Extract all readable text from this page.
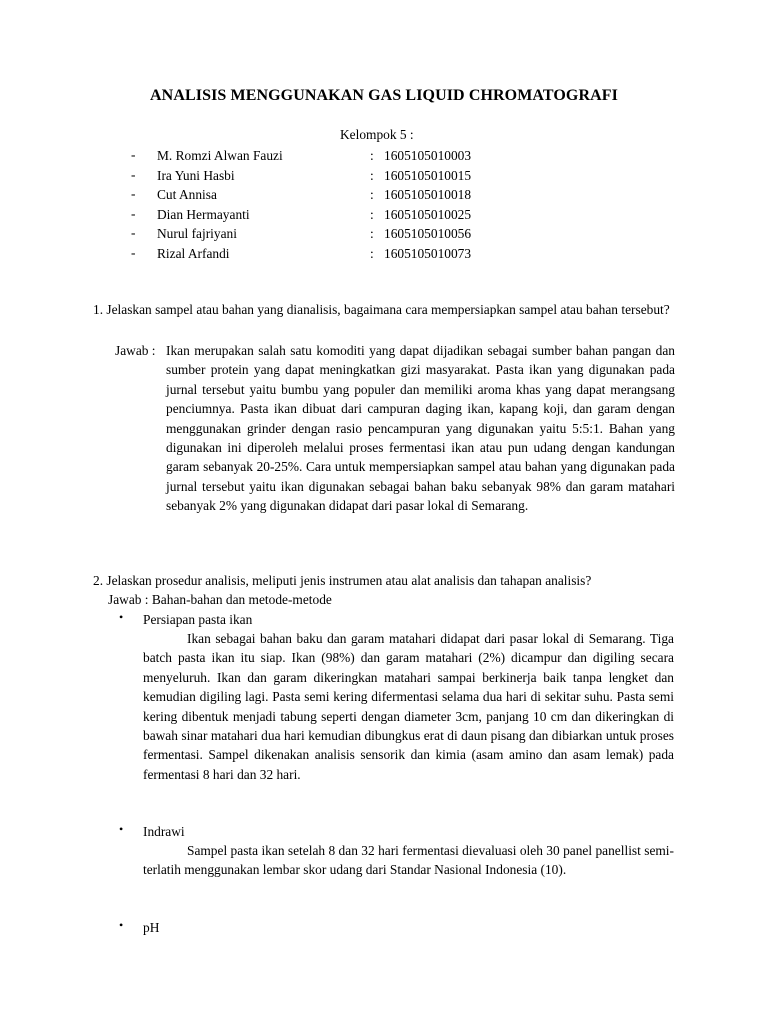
ANALISIS MENGGUNAKAN GAS LIQUID CHROMATOGRAFI
Kelompok 5 :
- M. Romzi Alwan Fauzi	: 1605105010003
- Ira Yuni Hasbi	: 1605105010015
- Cut Annisa	: 1605105010018
- Dian Hermayanti	: 1605105010025
- Nurul fajriyani	: 1605105010056
- Rizal Arfandi	: 1605105010073

1. Jelaskan sampel atau bahan yang dianalisis, bagaimana cara mempersiapkan sampel atau bahan tersebut?

Jawab : Ikan merupakan salah satu komoditi yang dapat dijadikan sebagai sumber bahan pangan dan sumber protein yang dapat meningkatkan gizi masyarakat. Pasta ikan yang digunakan pada jurnal tersebut yaitu bumbu yang populer dan memiliki aroma khas yang dapat merangsang penciumnya. Pasta ikan dibuat dari campuran daging ikan, kapang koji, dan garam dengan menggunakan grinder dengan rasio pencampuran yang digunakan yaitu 5:5:1. Bahan yang digunakan ini diperoleh melalui proses fermentasi ikan atau pun udang dengan kandungan garam sebanyak 20-25%. Cara untuk mempersiapkan sampel atau bahan yang digunakan pada jurnal tersebut yaitu ikan digunakan sebagai bahan baku sebanyak 98% dan garam matahari sebanyak 2% yang digunakan didapat dari pasar lokal di Semarang.

2. Jelaskan prosedur analisis, meliputi jenis instrumen atau alat analisis dan tahapan analisis?
Jawab : Bahan-bahan dan metode-metode
• Persiapan pasta ikan

Ikan sebagai bahan baku dan garam matahari didapat dari pasar lokal di Semarang. Tiga batch pasta ikan itu siap. Ikan (98%) dan garam matahari (2%) dicampur dan digiling secara menyeluruh. Ikan dan garam dikeringkan matahari sampai berkinerja baik tanpa lengket dan kemudian digiling lagi. Pasta semi kering difermentasi selama dua hari di sekitar suhu. Pasta semi kering dibentuk menjadi tabung seperti dengan diameter 3cm, panjang 10 cm dan dikeringkan di bawah sinar matahari dua hari kemudian dibungkus erat di daun pisang dan dibiarkan untuk proses fermentasi. Sampel dikenakan analisis sensorik dan kimia (asam amino dan asam lemak) pada fermentasi 8 hari dan 32 hari.

• Indrawi

Sampel pasta ikan setelah 8 dan 32 hari fermentasi dievaluasi oleh 30 panel panellist semi-terlatih menggunakan lembar skor udang dari Standar Nasional Indonesia (10).

• pH
